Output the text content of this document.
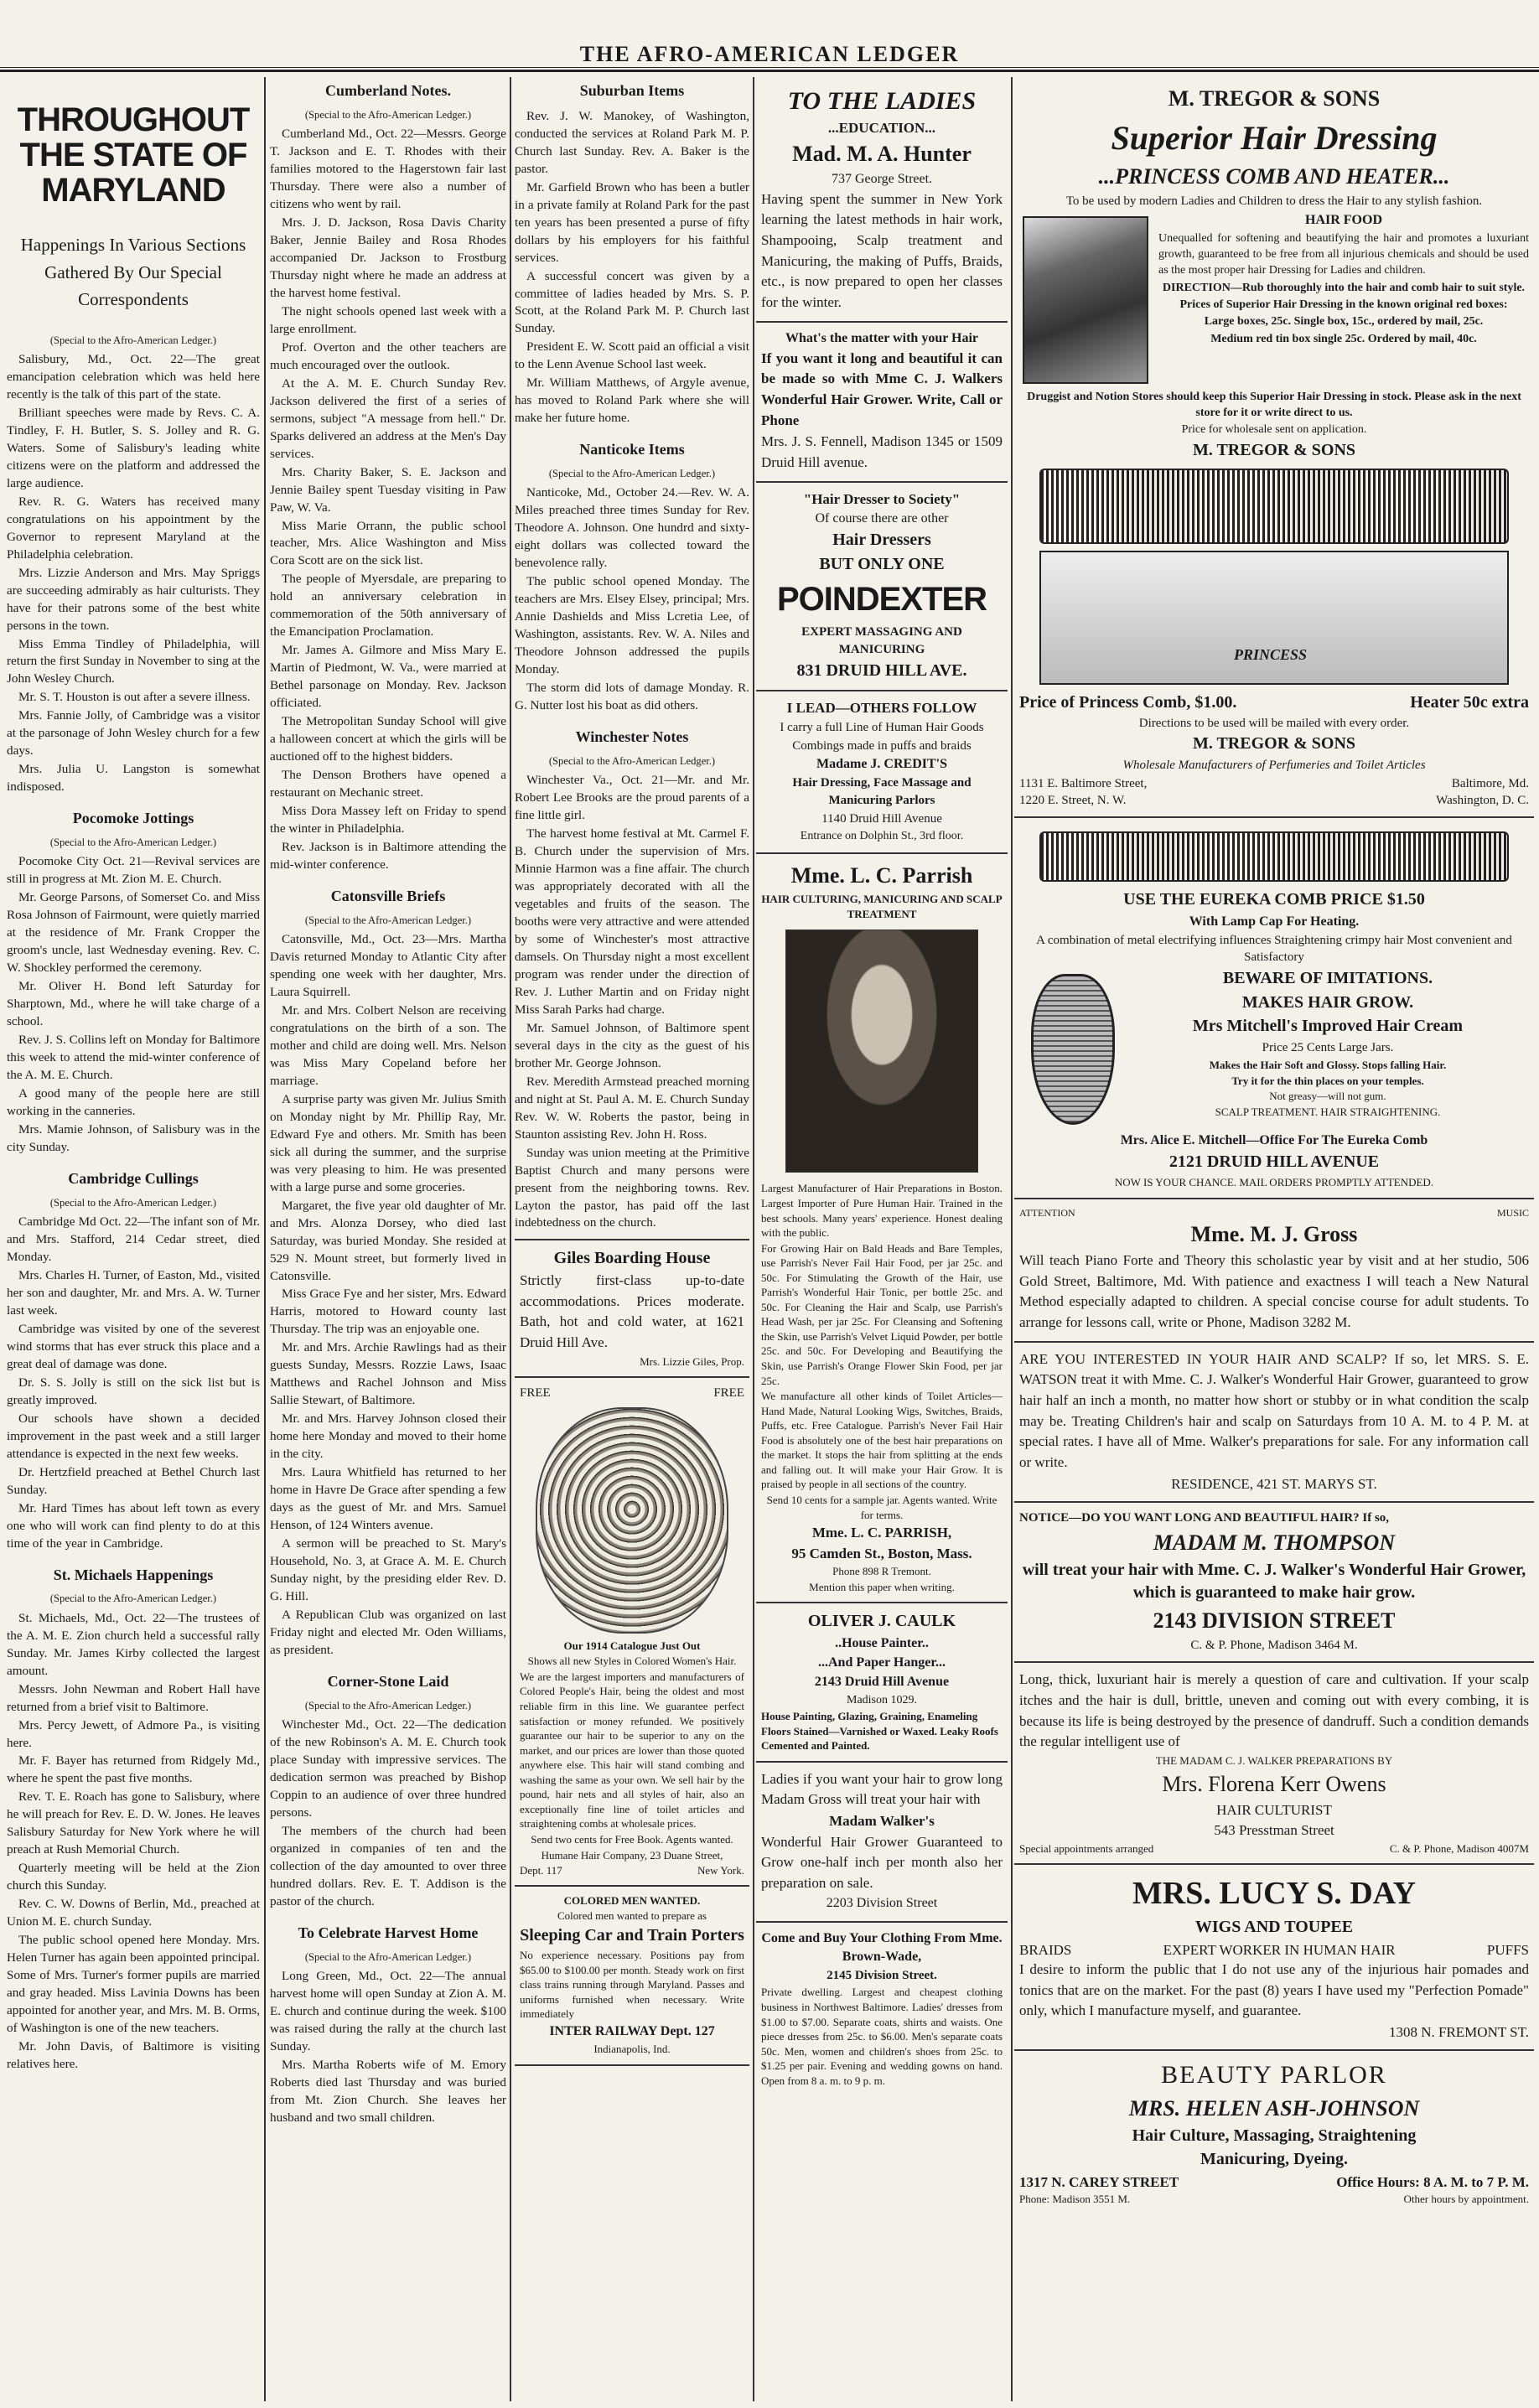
THE AFRO-AMERICAN LEDGER
THROUGHOUT THE STATE OF MARYLAND
Happenings In Various Sections Gathered By Our Special Correspondents
(Special to the Afro-American Ledger.)

Salisbury, Md., Oct. 22—The great emancipation celebration which was held here recently is the talk of this part of the state.

Brilliant speeches were made by Revs. C. A. Tindley, F. H. Butler, S. S. Jolley and R. G. Waters. Some of Salisbury's leading white citizens were on the platform and addressed the large audience.

Rev. R. G. Waters has received many congratulations on his appointment by the Governor to represent Maryland at the Philadelphia celebration.

Mrs. Lizzie Anderson and Mrs. May Spriggs are succeeding admirably as hair culturists. They have for their patrons some of the best white persons in the town.

Miss Emma Tindley of Philadelphia, will return the first Sunday in November to sing at the John Wesley Church.

Mr. S. T. Houston is out after a severe illness.

Mrs. Fannie Jolly, of Cambridge was a visitor at the parsonage of John Wesley church for a few days.

Mrs. Julia U. Langston is somewhat indisposed.

Pocomoke Jottings
(Special to the Afro-American Ledger.)

Pocomoke City Oct. 21—Revival services are still in progress at Mt. Zion M. E. Church.

Mr. George Parsons, of Somerset Co. and Miss Rosa Johnson of Fairmount, were quietly married at the residence of Mr. Frank Cropper the groom's uncle, last Wednesday evening. Rev. C. W. Shockley performed the ceremony.

Mr. Oliver H. Bond left Saturday for Sharptown, Md., where he will take charge of a school.

Rev. J. S. Collins left on Monday for Baltimore this week to attend the mid-winter conference of the A. M. E. Church.

A good many of the people here are still working in the canneries.

Mrs. Mamie Johnson, of Salisbury was in the city Sunday.

Cambridge Cullings
(Special to the Afro-American Ledger.)

Cambridge Md Oct. 22—The infant son of Mr. and Mrs. Stafford, 214 Cedar street, died Monday.

Mrs. Charles H. Turner, of Easton, Md., visited her son and daughter, Mr. and Mrs. A. W. Turner last week.

Cambridge was visited by one of the severest wind storms that has ever struck this place and a great deal of damage was done.

Dr. S. S. Jolly is still on the sick list but is greatly improved.

Our schools have shown a decided improvement in the past week and a still larger attendance is expected in the next few weeks.

Dr. Hertzfield preached at Bethel Church last Sunday.

Mr. Hard Times has about left town as every one who will work can find plenty to do at this time of the year in Cambridge.

St. Michaels Happenings
(Special to the Afro-American Ledger.)

St. Michaels, Md., Oct. 22—The trustees of the A. M. E. Zion church held a successful rally Sunday. Mr. James Kirby collected the largest amount.

Messrs. John Newman and Robert Hall have returned from a brief visit to Baltimore.

Mrs. Percy Jewett, of Admore Pa., is visiting here.

Mr. F. Bayer has returned from Ridgely Md., where he spent the past five months.

Rev. T. E. Roach has gone to Salisbury, where he will preach for Rev. E. D. W. Jones. He leaves Salisbury Saturday for New York where he will preach at Rush Memorial Church.

Quarterly meeting will be held at the Zion church this Sunday.

Rev. C. W. Downs of Berlin, Md., preached at Union M. E. church Sunday.

The public school opened here Monday. Mrs. Helen Turner has again been appointed principal. Some of Mrs. Turner's former pupils are married and gray headed. Miss Lavinia Downs has been appointed for another year, and Mrs. M. B. Orms, of Washington is one of the new teachers.

Mr. John Davis, of Baltimore is visiting relatives here.

Cumberland Notes.
(Special to the Afro-American Ledger.)

Cumberland Md., Oct. 22—Messrs. George T. Jackson and E. T. Rhodes with their families motored to the Hagerstown fair last Thursday. There were also a number of citizens who went by rail.

Mrs. J. D. Jackson, Rosa Davis Charity Baker, Jennie Bailey and Rosa Rhodes accompanied Dr. Jackson to Frostburg Thursday night where he made an address at the harvest home festival.

The night schools opened last week with a large enrollment.

Prof. Overton and the other teachers are much encouraged over the outlook.

At the A. M. E. Church Sunday Rev. Jackson delivered the first of a series of sermons, subject "A message from hell." Dr. Sparks delivered an address at the Men's Day services.

Mrs. Charity Baker, S. E. Jackson and Jennie Bailey spent Tuesday visiting in Paw Paw, W. Va.

Miss Marie Orrann, the public school teacher, Mrs. Alice Washington and Miss Cora Scott are on the sick list.

The people of Myersdale, are preparing to hold an anniversary celebration in commemoration of the 50th anniversary of the Emancipation Proclamation.

Mr. James A. Gilmore and Miss Mary E. Martin of Piedmont, W. Va., were married at Bethel parsonage on Monday. Rev. Jackson officiated.

The Metropolitan Sunday School will give a halloween concert at which the girls will be auctioned off to the highest bidders.

The Denson Brothers have opened a restaurant on Mechanic street.

Miss Dora Massey left on Friday to spend the winter in Philadelphia.

Rev. Jackson is in Baltimore attending the mid-winter conference.

Catonsville Briefs
(Special to the Afro-American Ledger.)

Catonsville, Md., Oct. 23—Mrs. Martha Davis returned Monday to Atlantic City after spending one week with her daughter, Mrs. Laura Squirrell.

Mr. and Mrs. Colbert Nelson are receiving congratulations on the birth of a son. The mother and child are doing well. Mrs. Nelson was Miss Mary Copeland before her marriage.

A surprise party was given Mr. Julius Smith on Monday night by Mr. Phillip Ray, Mr. Edward Fye and others. Mr. Smith has been sick all during the summer, and the surprise was very pleasing to him. He was presented with a large purse and some groceries.

Margaret, the five year old daughter of Mr. and Mrs. Alonza Dorsey, who died last Saturday, was buried Monday. She resided at 529 N. Mount street, but formerly lived in Catonsville.

Miss Grace Fye and her sister, Mrs. Edward Harris, motored to Howard county last Thursday. The trip was an enjoyable one.

Mr. and Mrs. Archie Rawlings had as their guests Sunday, Messrs. Rozzie Laws, Isaac Matthews and Rachel Johnson and Miss Sallie Stewart, of Baltimore.

Mr. and Mrs. Harvey Johnson closed their home here Monday and moved to their home in the city.

Mrs. Laura Whitfield has returned to her home in Havre De Grace after spending a few days as the guest of Mr. and Mrs. Samuel Henson, of 124 Winters avenue.

A sermon will be preached to St. Mary's Household, No. 3, at Grace A. M. E. Church Sunday night, by the presiding elder Rev. D. G. Hill.

A Republican Club was organized on last Friday night and elected Mr. Oden Williams, as president.

Corner-Stone Laid
(Special to the Afro-American Ledger.)

Winchester Md., Oct. 22—The dedication of the new Robinson's A. M. E. Church took place Sunday with impressive services. The dedication sermon was preached by Bishop Coppin to an audience of over three hundred persons.

The members of the church had been organized in companies of ten and the collection of the day amounted to over three hundred dollars. Rev. E. T. Addison is the pastor of the church.

To Celebrate Harvest Home
(Special to the Afro-American Ledger.)

Long Green, Md., Oct. 22—The annual harvest home will open Sunday at Zion A. M. E. church and continue during the week. $100 was raised during the rally at the church last Sunday.

Mrs. Martha Roberts wife of M. Emory Roberts died last Thursday and was buried from Mt. Zion Church. She leaves her husband and two small children.

Suburban Items

Rev. J. W. Manokey, of Washington, conducted the services at Roland Park M. P. Church last Sunday. Rev. A. Baker is the pastor.

Mr. Garfield Brown who has been a butler in a private family at Roland Park for the past ten years has been presented a purse of fifty dollars by his employers for his faithful services.

A successful concert was given by a committee of ladies headed by Mrs. S. P. Scott, at the Roland Park M. P. Church last Sunday.

President E. W. Scott paid an official a visit to the Lenn Avenue School last week.

Mr. William Matthews, of Argyle avenue, has moved to Roland Park where she will make her future home.

Nanticoke Items
(Special to the Afro-American Ledger.)

Nanticoke, Md., October 24.—Rev. W. A. Miles preached three times Sunday for Rev. Theodore A. Johnson. One hundrd and sixty-eight dollars was collected toward the benevolence rally.

The public school opened Monday. The teachers are Mrs. Elsey Elsey, principal; Mrs. Annie Dashields and Miss Lcretia Lee, of Washington, assistants. Rev. W. A. Niles and Theodore Johnson addressed the pupils Monday.

The storm did lots of damage Monday. R. G. Nutter lost his boat as did others.

Winchester Notes
(Special to the Afro-American Ledger.)

Winchester Va., Oct. 21—Mr. and Mr. Robert Lee Brooks are the proud parents of a fine little girl.

The harvest home festival at Mt. Carmel F. B. Church under the supervision of Mrs. Minnie Harmon was a fine affair. The church was appropriately decorated with all the vegetables and fruits of the season. The booths were very attractive and were attended by some of Winchester's most attractive damsels. On Thursday night a most excellent program was render under the direction of Rev. J. Luther Martin and on Friday night Miss Sarah Parks had charge.

Mr. Samuel Johnson, of Baltimore spent several days in the city as the guest of his brother Mr. George Johnson.

Rev. Meredith Armstead preached morning and night at St. Paul A. M. E. Church Sunday Rev. W. W. Roberts the pastor, being in Staunton assisting Rev. John H. Ross.

Sunday was union meeting at the Primitive Baptist Church and many persons were present from the neighboring towns. Rev. Layton the pastor, has paid off the last indebtedness on the church.

Giles Boarding House

Strictly first-class up-to-date accommodations. Prices moderate. Bath, hot and cold water, at 1621 Druid Hill Ave.

Mrs. Lizzie Giles, Prop.

FREE	FREE

Our 1914 Catalogue Just Out

Shows all new Styles in Colored Women's Hair.

We are the largest importers and manufacturers of Colored People's Hair, being the oldest and most reliable firm in this line. We guarantee perfect satisfaction or money refunded. We positively guarantee our hair to be superior to any on the market, and our prices are lower than those quoted anywhere else. This hair will stand combing and washing the same as your own. We sell hair by the pound, hair nets and all styles of hair, also an exceptionally fine line of toilet articles and straightening combs at wholesale prices.

Send two cents for Free Book. Agents wanted.

Humane Hair Company, 23 Duane Street,

Dept. 117	New York.

COLORED MEN WANTED.

Colored men wanted to prepare as

Sleeping Car and Train Porters

No experience necessary. Positions pay from $65.00 to $100.00 per month. Steady work on first class trains running through Maryland. Passes and uniforms furnished when necessary. Write immediately

INTER RAILWAY Dept. 127

Indianapolis, Ind.

TO THE LADIES

...EDUCATION...

Mad. M. A. Hunter

737 George Street.

Having spent the summer in New York learning the latest methods in hair work, Shampooing, Scalp treatment and Manicuring, the making of Puffs, Braids, etc., is now prepared to open her classes for the winter.

What's the matter with your Hair

If you want it long and beautiful it can be made so with Mme C. J. Walkers Wonderful Hair Grower. Write, Call or Phone

Mrs. J. S. Fennell, Madison 1345 or 1509 Druid Hill avenue.

"Hair Dresser to Society"

Of course there are other

Hair Dressers

BUT ONLY ONE

POINDEXTER

EXPERT MASSAGING AND MANICURING

831 DRUID HILL AVE.

I LEAD—OTHERS FOLLOW

I carry a full Line of Human Hair Goods

Combings made in puffs and braids

Madame J. CREDIT'S

Hair Dressing, Face Massage and Manicuring Parlors

1140 Druid Hill Avenue

Entrance on Dolphin St., 3rd floor.

Mme. L. C. Parrish

HAIR CULTURING, MANICURING AND SCALP TREATMENT

Largest Manufacturer of Hair Preparations in Boston. Largest Importer of Pure Human Hair. Trained in the best schools. Many years' experience. Honest dealing with the public.

For Growing Hair on Bald Heads and Bare Temples, use Parrish's Never Fail Hair Food, per jar 25c. and 50c. For Stimulating the Growth of the Hair, use Parrish's Wonderful Hair Tonic, per bottle 25c. and 50c. For Cleaning the Hair and Scalp, use Parrish's Head Wash, per jar 25c. For Cleansing and Softening the Skin, use Parrish's Velvet Liquid Powder, per bottle 25c. and 50c. For Developing and Beautifying the Skin, use Parrish's Orange Flower Skin Food, per jar 25c.

We manufacture all other kinds of Toilet Articles—Hand Made, Natural Looking Wigs, Switches, Braids, Puffs, etc. Free Catalogue. Parrish's Never Fail Hair Food is absolutely one of the best hair preparations on the market. It stops the hair from splitting at the ends and falling out. It will make your Hair Grow. It is praised by people in all sections of the country.

Send 10 cents for a sample jar. Agents wanted. Write for terms.

Mme. L. C. PARRISH,

95 Camden St., Boston, Mass.

Phone 898 R Tremont.

Mention this paper when writing.

OLIVER J. CAULK

..House Painter..

...And Paper Hanger...

2143 Druid Hill Avenue

Madison 1029.

House Painting, Glazing, Graining, Enameling Floors Stained—Varnished or Waxed. Leaky Roofs Cemented and Painted.

Ladies if you want your hair to grow long Madam Gross will treat your hair with

Madam Walker's

Wonderful Hair Grower Guaranteed to Grow one-half inch per month also her preparation on sale.

2203 Division Street

Come and Buy Your Clothing From Mme. Brown-Wade,

2145 Division Street.

Private dwelling. Largest and cheapest clothing business in Northwest Baltimore. Ladies' dresses from $1.00 to $7.00. Separate coats, shirts and waists. One piece dresses from 25c. to $6.00. Men's separate coats 50c. Men, women and children's shoes from 25c. to $1.25 per pair. Evening and wedding gowns on hand. Open from 8 a. m. to 9 p. m.

M. TREGOR & SONS

Superior Hair Dressing

...PRINCESS COMB AND HEATER...

To be used by modern Ladies and Children to dress the Hair to any stylish fashion.

HAIR FOOD

Unequalled for softening and beautifying the hair and promotes a luxuriant growth, guaranteed to be free from all injurious chemicals and should be used as the most proper hair Dressing for Ladies and children.

DIRECTION—Rub thoroughly into the hair and comb hair to suit style.

Prices of Superior Hair Dressing in the known original red boxes:

Large boxes, 25c. Single box, 15c., ordered by mail, 25c.

Medium red tin box single 25c. Ordered by mail, 40c.

Druggist and Notion Stores should keep this Superior Hair Dressing in stock. Please ask in the next store for it or write direct to us.

Price for wholesale sent on application.

M. TREGOR & SONS

PRINCESS
Price of Princess Comb, $1.00.	Heater 50c extra

Directions to be used will be mailed with every order.

M. TREGOR & SONS

Wholesale Manufacturers of Perfumeries and Toilet Articles

1131 E. Baltimore Street,	Baltimore, Md.
1220 E. Street, N. W.	Washington, D. C.

USE THE EUREKA COMB PRICE $1.50

With Lamp Cap For Heating.

A combination of metal electrifying influences Straightening crimpy hair Most convenient and Satisfactory

BEWARE OF IMITATIONS.

MAKES HAIR GROW.

Mrs Mitchell's Improved Hair Cream

Price 25 Cents Large Jars.

Makes the Hair Soft and Glossy. Stops falling Hair.

Try it for the thin places on your temples.

Not greasy—will not gum.

SCALP TREATMENT. HAIR STRAIGHTENING.

Mrs. Alice E. Mitchell—Office For The Eureka Comb

2121 DRUID HILL AVENUE

NOW IS YOUR CHANCE. MAIL ORDERS PROMPTLY ATTENDED.

ATTENTION	MUSIC

Mme. M. J. Gross

Will teach Piano Forte and Theory this scholastic year by visit and at her studio, 506 Gold Street, Baltimore, Md. With patience and exactness I will teach a New Natural Method especially adapted to children. A special concise course for adult students. To arrange for lessons call, write or Phone, Madison 3282 M.

ARE YOU INTERESTED IN YOUR HAIR AND SCALP? If so, let MRS. S. E. WATSON treat it with Mme. C. J. Walker's Wonderful Hair Grower, guaranteed to grow hair half an inch a month, no matter how short or stubby or in what condition the scalp may be. Treating Children's hair and scalp on Saturdays from 10 A. M. to 4 P. M. at special rates. I have all of Mme. Walker's preparations for sale. For any information call or write.

RESIDENCE, 421 ST. MARYS ST.

NOTICE—DO YOU WANT LONG AND BEAUTIFUL HAIR? If so,

MADAM M. THOMPSON

will treat your hair with Mme. C. J. Walker's Wonderful Hair Grower, which is guaranteed to make hair grow.

2143 DIVISION STREET

C. & P. Phone, Madison 3464 M.

Long, thick, luxuriant hair is merely a question of care and cultivation. If your scalp itches and the hair is dull, brittle, uneven and coming out with every combing, it is because its life is being destroyed by the presence of dandruff. Such a condition demands the regular intelligent use of

THE MADAM C. J. WALKER PREPARATIONS BY

Mrs. Florena Kerr Owens

HAIR CULTURIST

543 Presstman Street

Special appointments arranged	C. & P. Phone, Madison 4007M

MRS. LUCY S. DAY

WIGS AND TOUPEE

BRAIDS	EXPERT WORKER IN HUMAN HAIR	PUFFS

I desire to inform the public that I do not use any of the injurious hair pomades and tonics that are on the market. For the past (8) years I have used my "Perfection Pomade" only, which I manufacture myself, and guarantee.

1308 N. FREMONT ST.

BEAUTY PARLOR

MRS. HELEN ASH-JOHNSON

Hair Culture, Massaging, Straightening

Manicuring, Dyeing.

1317 N. CAREY STREET	Office Hours: 8 A. M. to 7 P. M.
Phone: Madison 3551 M.	Other hours by appointment.
